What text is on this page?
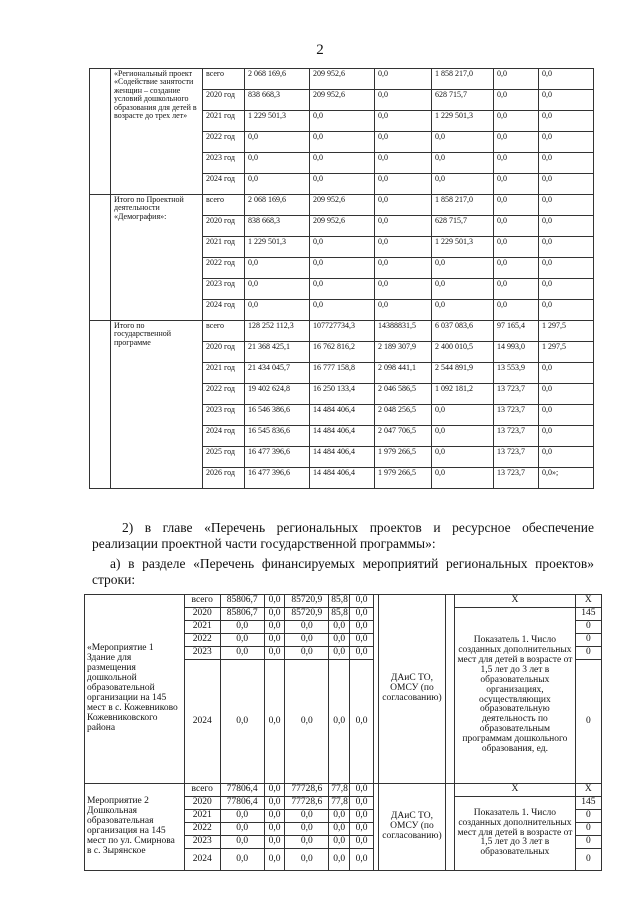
2
	«Региональный проект «Содействие занятости женщин – создание условий дошкольного образования для детей в возрасте до трех лет»	всего	2 068 169,6	209 952,6	0,0	1 858 217,0	0,0	0,0
		2020 год	838 668,3	209 952,6	0,0	628 715,7	0,0	0,0
		2021 год	1 229 501,3	0,0	0,0	1 229 501,3	0,0	0,0
		2022 год	0,0	0,0	0,0	0,0	0,0	0,0
		2023 год	0,0	0,0	0,0	0,0	0,0	0,0
		2024 год	0,0	0,0	0,0	0,0	0,0	0,0
	Итого по Проектной деятельности «Демография»:	всего	2 068 169,6	209 952,6	0,0	1 858 217,0	0,0	0,0
		2020 год	838 668,3	209 952,6	0,0	628 715,7	0,0	0,0
		2021 год	1 229 501,3	0,0	0,0	1 229 501,3	0,0	0,0
		2022 год	0,0	0,0	0,0	0,0	0,0	0,0
		2023 год	0,0	0,0	0,0	0,0	0,0	0,0
		2024 год	0,0	0,0	0,0	0,0	0,0	0,0
	Итого по государственной программе	всего	128 252 112,3	107727734,3	14388831,5	6 037 083,6	97 165,4	1 297,5
		2020 год	21 368 425,1	16 762 816,2	2 189 307,9	2 400 010,5	14 993,0	1 297,5
		2021 год	21 434 045,7	16 777 158,8	2 098 441,1	2 544 891,9	13 553,9	0,0
		2022 год	19 402 624,8	16 250 133,4	2 046 586,5	1 092 181,2	13 723,7	0,0
		2023 год	16 546 386,6	14 484 406,4	2 048 256,5	0,0	13 723,7	0,0
		2024 год	16 545 836,6	14 484 406,4	2 047 706,5	0,0	13 723,7	0,0
		2025 год	16 477 396,6	14 484 406,4	1 979 266,5	0,0	13 723,7	0,0
		2026 год	16 477 396,6	14 484 406,4	1 979 266,5	0,0	13 723,7	0,0»;
2) в главе «Перечень региональных проектов и ресурсное обеспечение реализации проектной части государственной программы»:
а) в разделе «Перечень финансируемых мероприятий региональных проектов» строки:
«Мероприятие 1 Здание для размещения дошкольной образовательной организации на 145 мест в с. Кожевниково Кожевниковского района	всего	85806,7	0,0	85720,9	85,8	0,0		ДАиС ТО, ОМСУ (по согласованию)		Х	Х
	2020	85806,7	0,0	85720,9	85,8	0,0				Показатель 1. Число созданных дополнительных мест для детей в возрасте от 1,5 лет до 3 лет в образовательных организациях, осуществляющих образовательную деятельность по образовательным программам дошкольного образования, ед.	145
	2021	0,0	0,0	0,0	0,0	0,0					0
	2022	0,0	0,0	0,0	0,0	0,0					0
	2023	0,0	0,0	0,0	0,0	0,0					0
	2024	0,0	0,0	0,0	0,0	0,0					0
Мероприятие 2 Дошкольная образовательная организация на 145 мест по ул. Смирнова в с. Зырянское	всего	77806,4	0,0	77728,6	77,8	0,0		ДАиС ТО, ОМСУ (по согласованию)		Х	Х
	2020	77806,4	0,0	77728,6	77,8	0,0				Показатель 1. Число созданных дополнительных мест для детей в возрасте от 1,5 лет до 3 лет в образовательных	145
	2021	0,0	0,0	0,0	0,0	0,0					0
	2022	0,0	0,0	0,0	0,0	0,0					0
	2023	0,0	0,0	0,0	0,0	0,0					0
	2024	0,0	0,0	0,0	0,0	0,0					0
